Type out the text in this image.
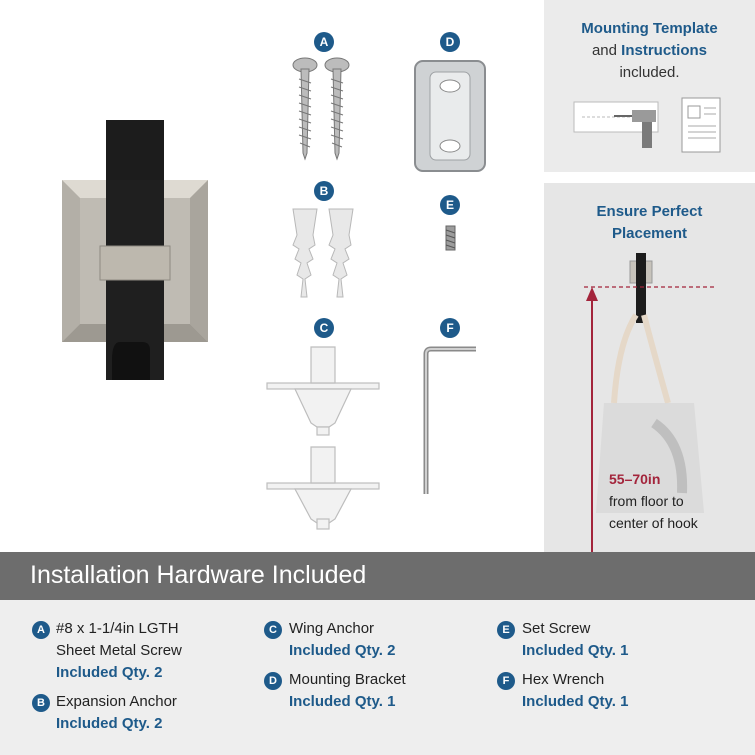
A	D
B
E
C	F
Mounting Template
and Instructions
included.
Ensure Perfect
Placement
55–70in
from floor to
center of hook
Installation Hardware Included
A #8 x 1-1/4in LGTH
Sheet Metal Screw
Included Qty. 2
B Expansion Anchor
Included Qty. 2
C Wing Anchor
Included Qty. 2
D Mounting Bracket
Included Qty. 1
E Set Screw
Included Qty. 1
F Hex Wrench
Included Qty. 1
